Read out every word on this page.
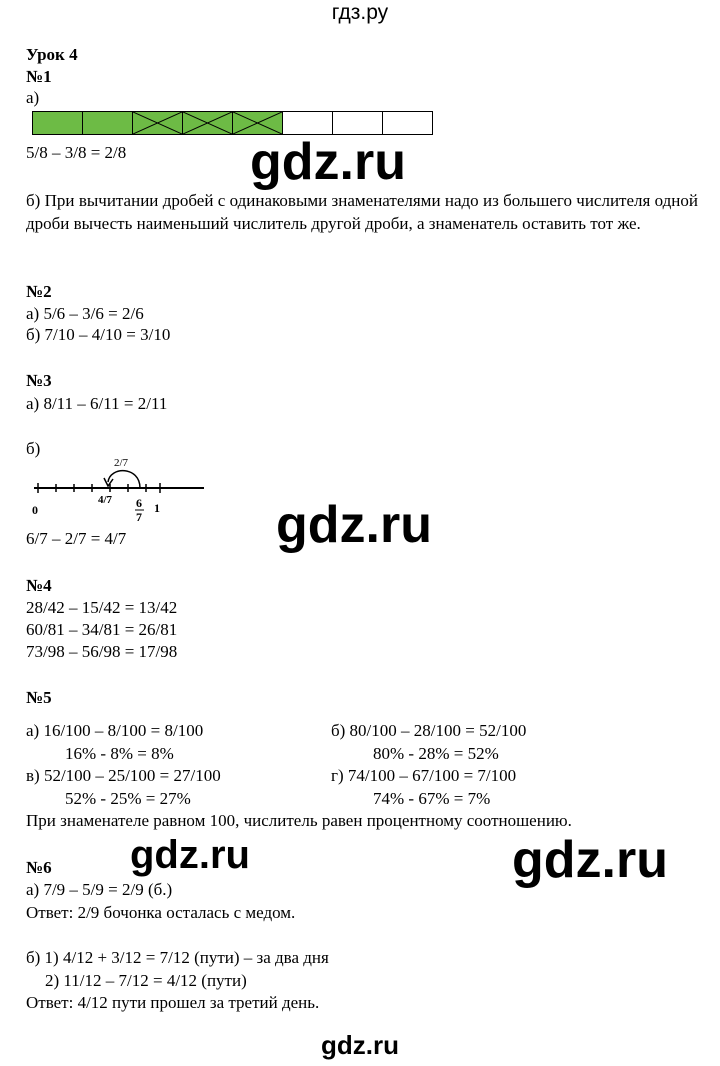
гдз.ру
Урок 4
№1
а)
5/8 – 3/8 = 2/8 gdz.ru
б) При вычитании дробей с одинаковыми знаменателями надо из большего числителя одной дроби вычесть наименьший числитель другой дроби, а знаменатель оставить тот же.
№2
а) 5/6 – 3/6 = 2/6
б) 7/10 – 4/10 = 3/10
№3
а) 8/11 – 6/11 = 2/11
б)
2/7
4/7 6
7
1
0	gdz.ru
6/7 – 2/7 = 4/7
№4
28/42 – 15/42 = 13/42
60/81 – 34/81 = 26/81
73/98 – 56/98 = 17/98
№5
а) 16/100 – 8/100 = 8/100
16% - 8% = 8%
б) 80/100 – 28/100 = 52/100
80% - 28% = 52%
в) 52/100 – 25/100 = 27/100
52% - 25% = 27%
г) 74/100 – 67/100 = 7/100
74% - 67% = 7%
При знаменателе равном 100, числитель равен процентному соотношению.
gdz.ru	gdz.ru
№6
а) 7/9 – 5/9 = 2/9 (б.)
Ответ: 2/9 бочонка осталась с медом.
б) 1) 4/12 + 3/12 = 7/12 (пути) – за два дня
2) 11/12 – 7/12 = 4/12 (пути)
Ответ: 4/12 пути прошел за третий день.
gdz.ru
